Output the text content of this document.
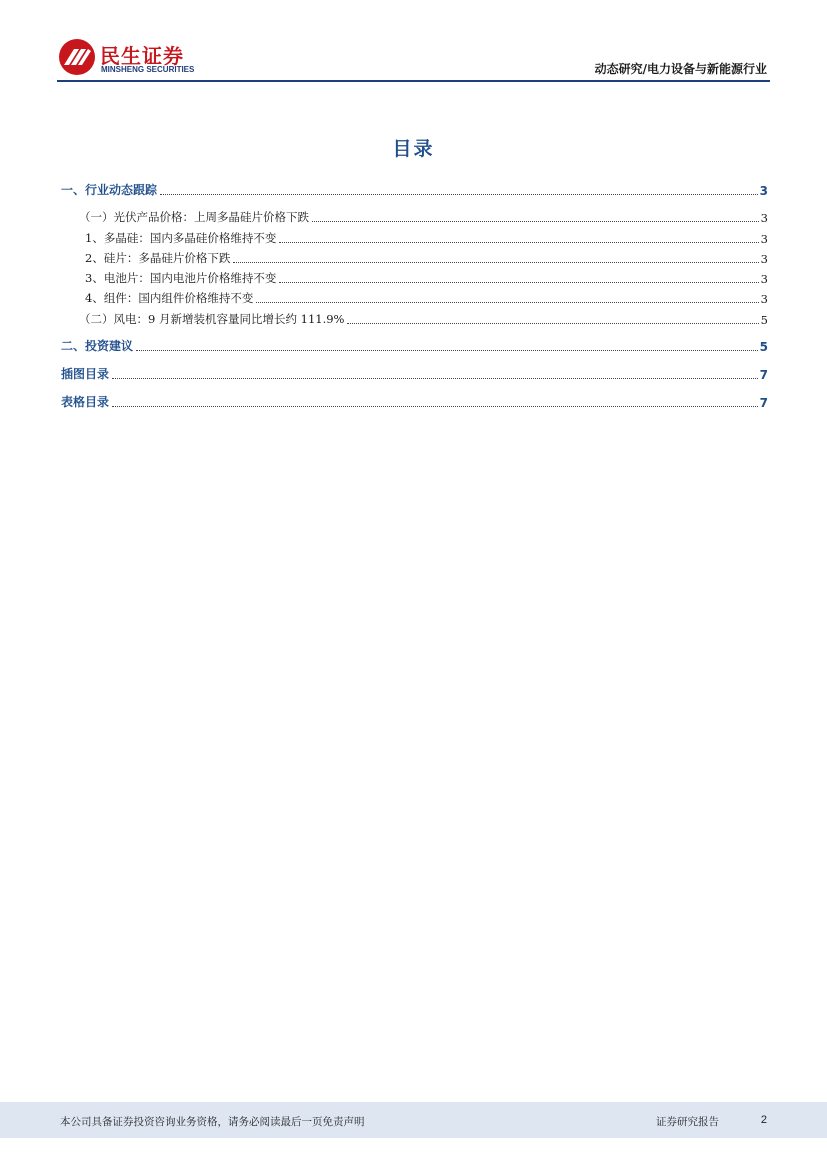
民生证券
MINSHENG SECURITIES	动态研究/电力设备与新能源行业
目录
一、行业动态跟踪	3
（一）光伏产品价格：上周多晶硅片价格下跌	3
1、多晶硅：国内多晶硅价格维持不变	3
2、硅片：多晶硅片价格下跌	3
3、电池片：国内电池片价格维持不变	3
4、组件：国内组件价格维持不变	3
（二）风电：9 月新增装机容量同比增长约 111.9%	5
二、投资建议	5
插图目录	7
表格目录	7
本公司具备证券投资咨询业务资格，请务必阅读最后一页免责声明	证券研究报告	2
